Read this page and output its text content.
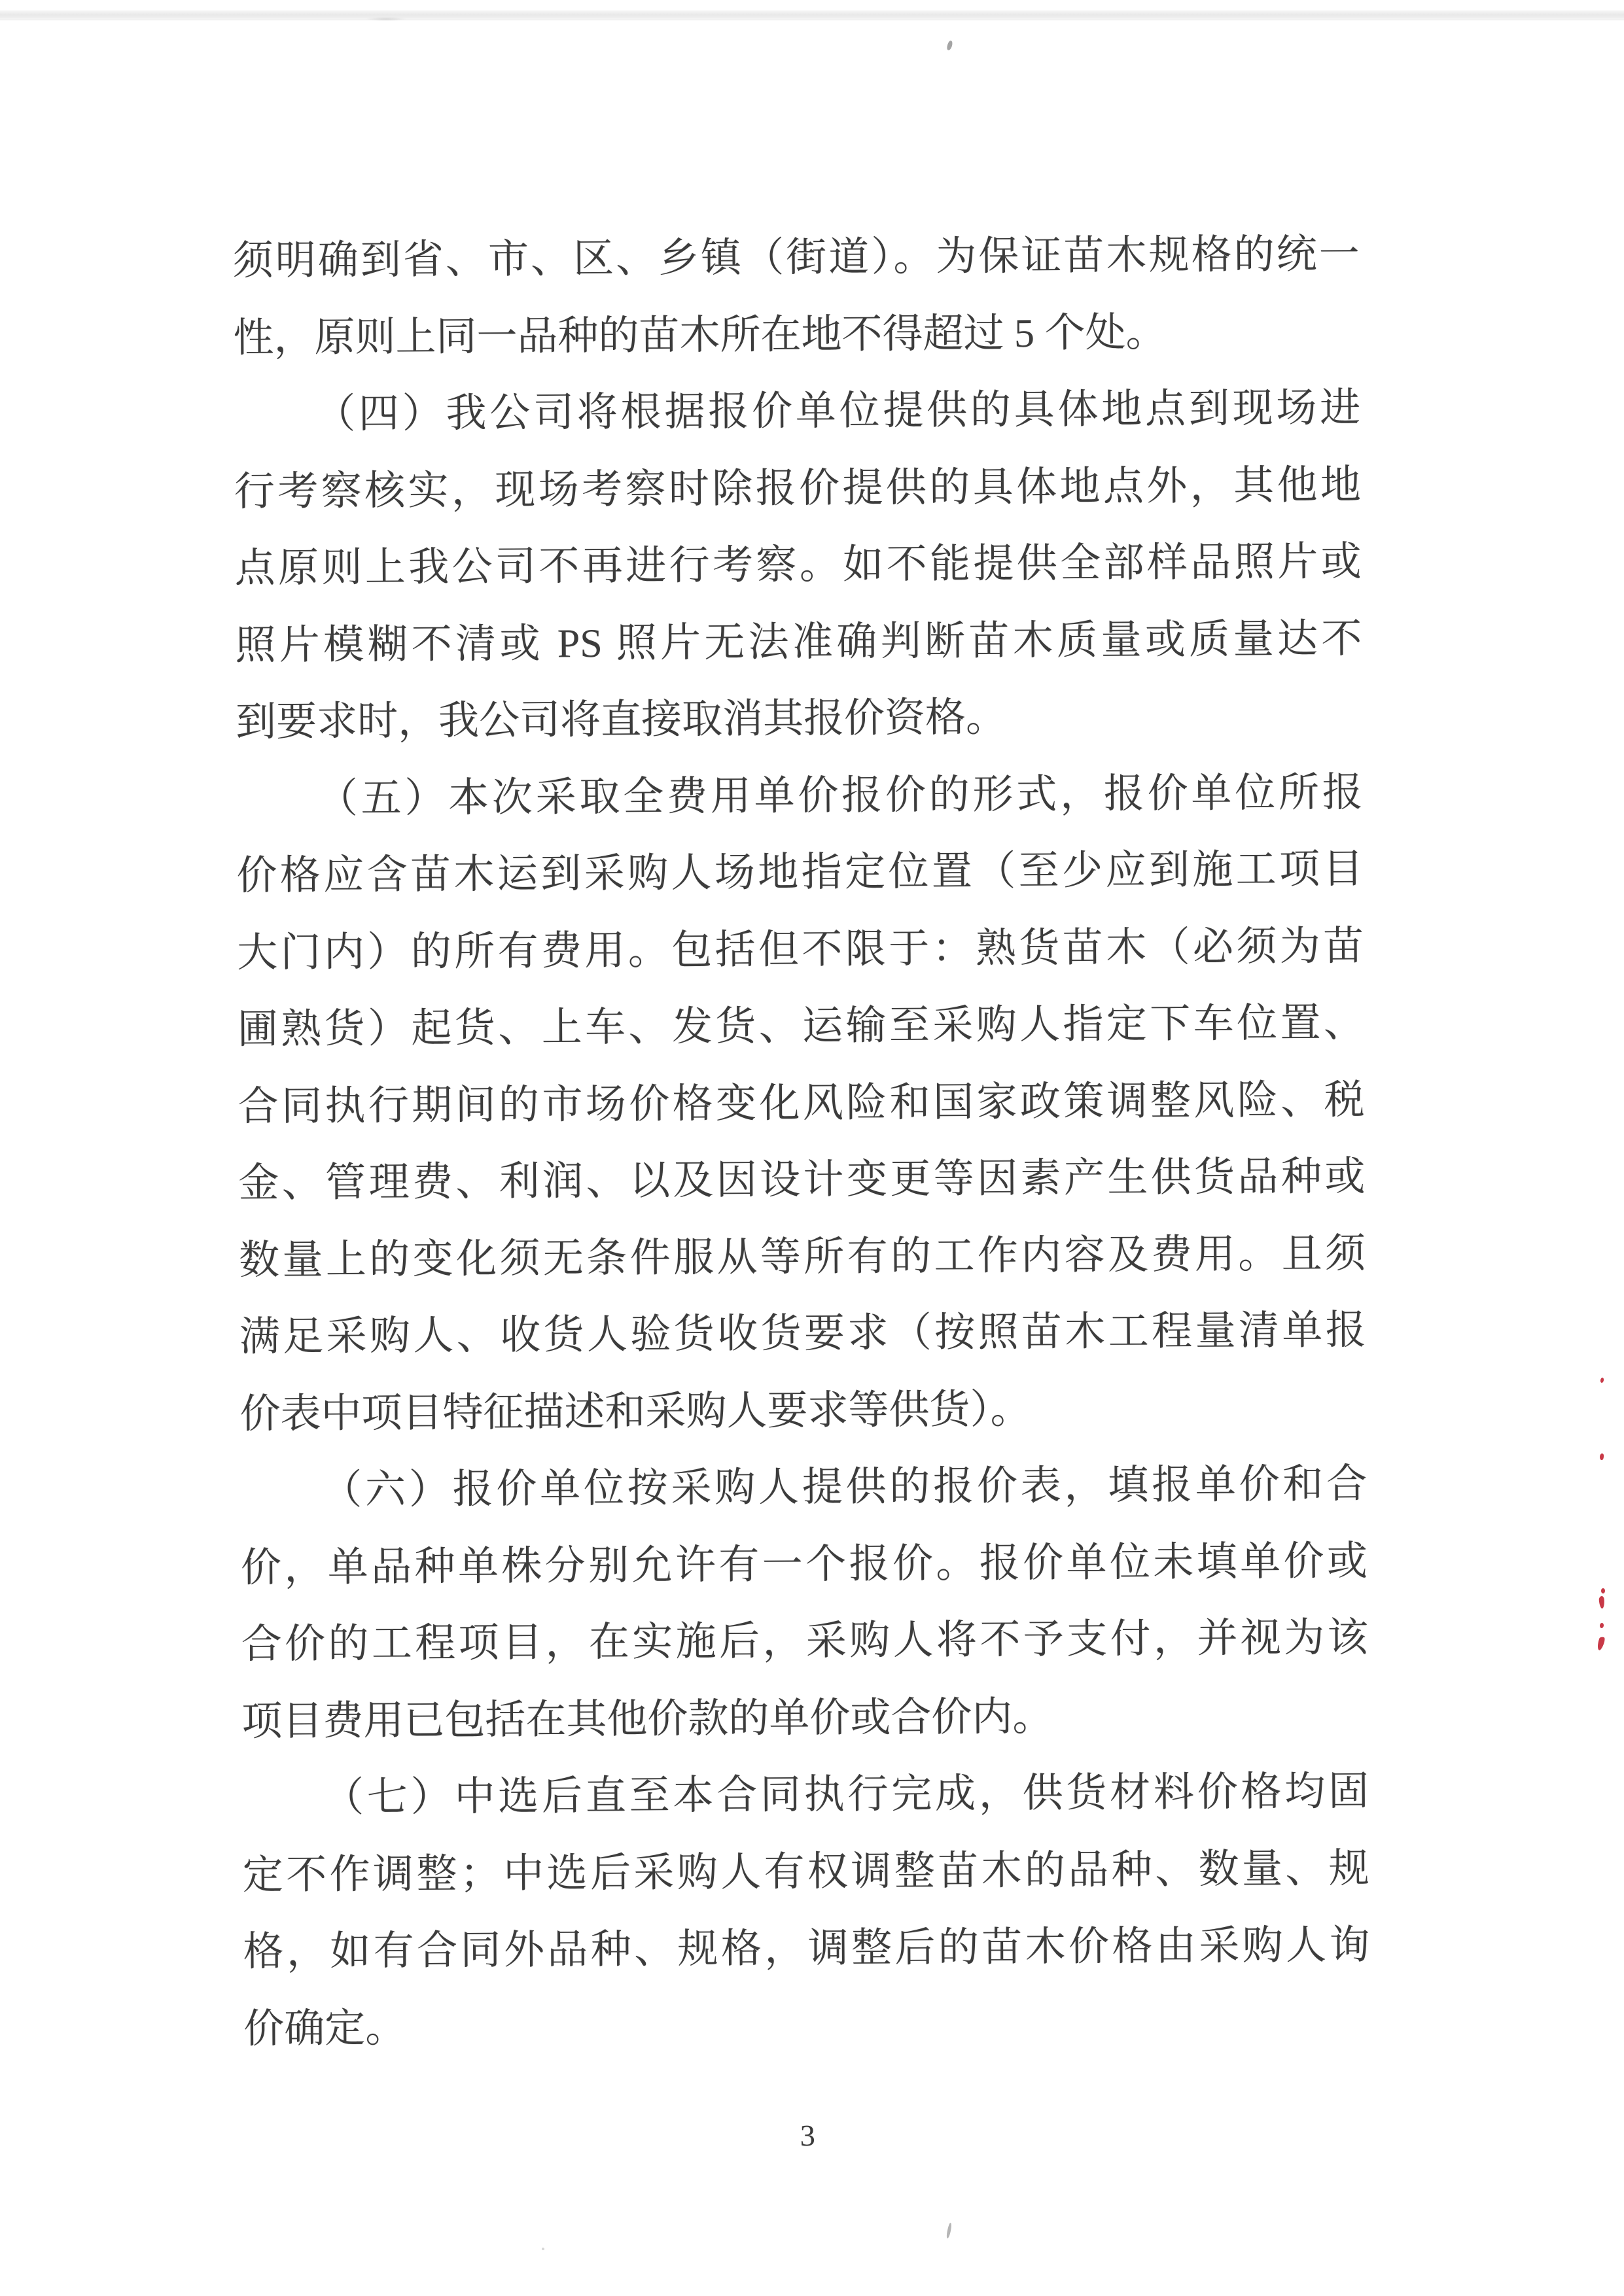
须明确到省、市、区、乡镇（街道）。为保证苗木规格的统一
性，原则上同一品种的苗木所在地不得超过 5 个处。
（四）我公司将根据报价单位提供的具体地点到现场进
行考察核实，现场考察时除报价提供的具体地点外，其他地
点原则上我公司不再进行考察。如不能提供全部样品照片或
照片模糊不清或 PS 照片无法准确判断苗木质量或质量达不
到要求时，我公司将直接取消其报价资格。
（五）本次采取全费用单价报价的形式，报价单位所报
价格应含苗木运到采购人场地指定位置（至少应到施工项目
大门内）的所有费用。包括但不限于：熟货苗木（必须为苗
圃熟货）起货、上车、发货、运输至采购人指定下车位置、
合同执行期间的市场价格变化风险和国家政策调整风险、税
金、管理费、利润、以及因设计变更等因素产生供货品种或
数量上的变化须无条件服从等所有的工作内容及费用。且须
满足采购人、收货人验货收货要求（按照苗木工程量清单报
价表中项目特征描述和采购人要求等供货）。
（六）报价单位按采购人提供的报价表，填报单价和合
价，单品种单株分别允许有一个报价。报价单位未填单价或
合价的工程项目，在实施后，采购人将不予支付，并视为该
项目费用已包括在其他价款的单价或合价内。
（七）中选后直至本合同执行完成，供货材料价格均固
定不作调整；中选后采购人有权调整苗木的品种、数量、规
格，如有合同外品种、规格，调整后的苗木价格由采购人询
价确定。
3
